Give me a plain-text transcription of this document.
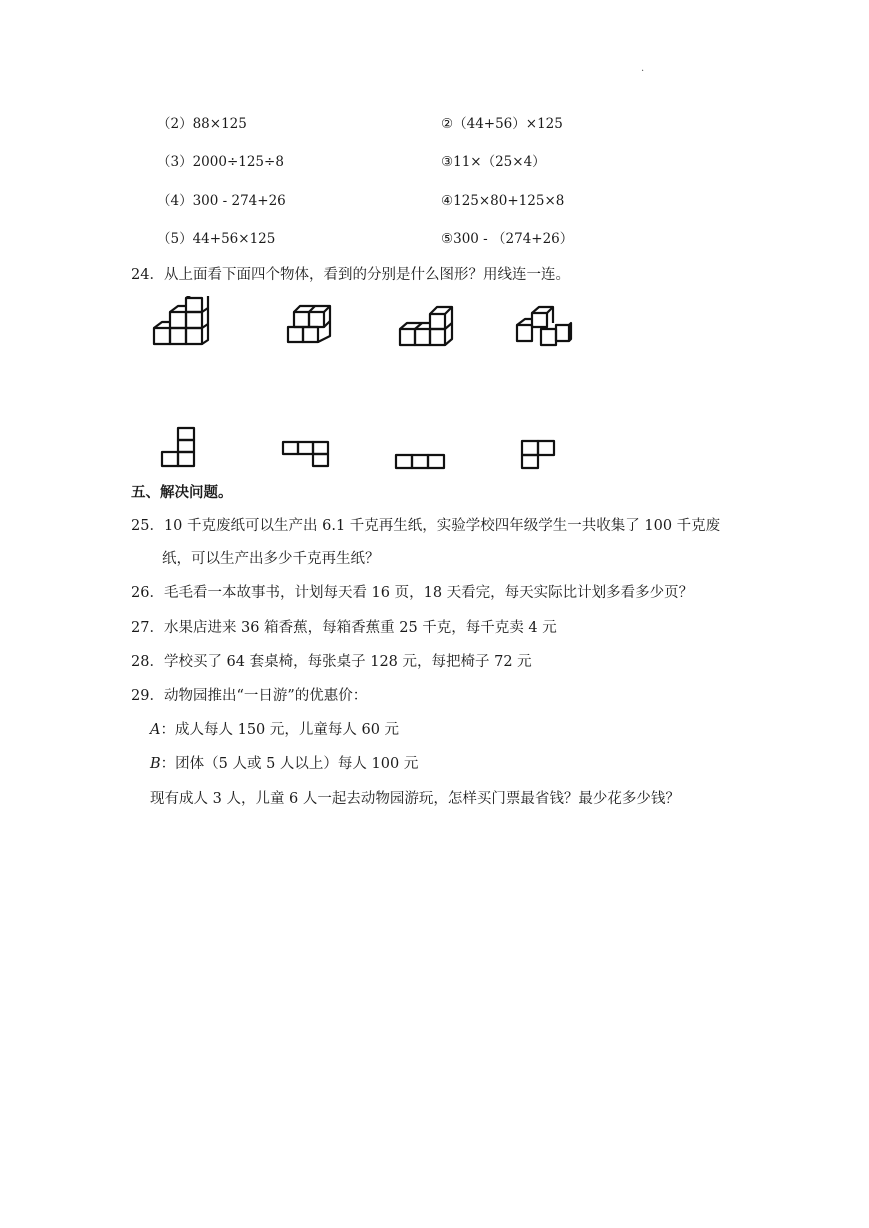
.
（2）88×125	②（44+56）×125
（3）2000÷125÷8	③11×（25×4）
（4）300 - 274+26	④125×80+125×8
（5）44+56×125	⑤300 - （274+26）
24．从上面看下面四个物体，看到的分别是什么图形？用线连一连。
五、解决问题。
25．10 千克废纸可以生产出 6.1 千克再生纸，实验学校四年级学生一共收集了 100 千克废
纸，可以生产出多少千克再生纸？
26．毛毛看一本故事书，计划每天看 16 页，18 天看完，每天实际比计划多看多少页？
27．水果店进来 36 箱香蕉，每箱香蕉重 25 千克，每千克卖 4 元
28．学校买了 64 套桌椅，每张桌子 128 元，每把椅子 72 元
29．动物园推出“一日游”的优惠价：
A：成人每人 150 元，儿童每人 60 元
B：团体（5 人或 5 人以上）每人 100 元
现有成人 3 人，儿童 6 人一起去动物园游玩，怎样买门票最省钱？最少花多少钱？
